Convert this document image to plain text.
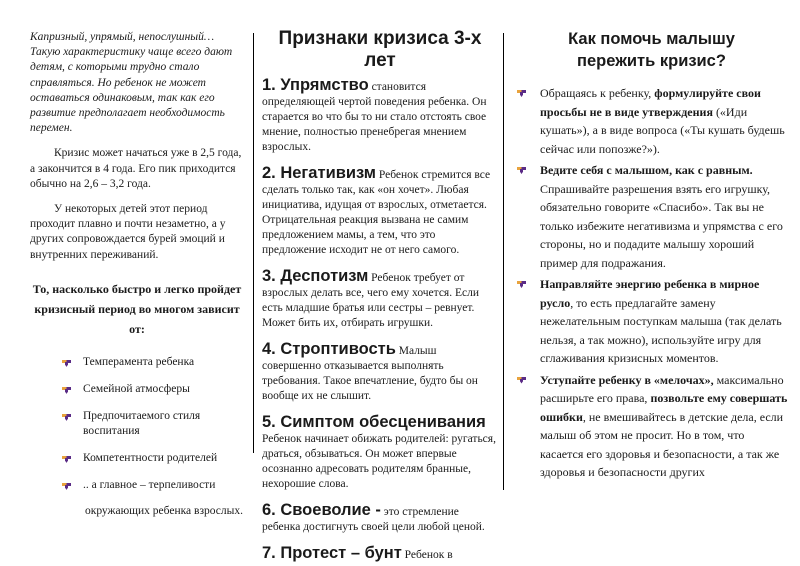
Капризный, упрямый, непослушный… Такую характеристику чаще всего дают детям, с которыми трудно стало справляться. Но ребенок не может оставаться одинаковым, так как его развитие предполагает необходимость перемен.

Кризис может начаться уже в 2,5 года, а закончится в 4 года. Его пик приходится обычно на 2,6 – 3,2 года.

У некоторых детей этот период проходит плавно и почти незаметно, а у других сопровождается бурей эмоций и внутренних переживаний.

То, насколько быстро и легко пройдет кризисный период во многом зависит от:

Темперамента ребенка
Семейной атмосферы
Предпочитаемого стиля воспитания
Компетентности родителей
.. а главное – терпеливости

окружающих ребенка взрослых.

Признаки кризиса 3-х лет

1. Упрямство становится определяющей чертой поведения ребенка. Он старается во что бы то ни стало отстоять свое мнение, полностью пренебрегая мнением взрослых.

2. Негативизм Ребенок стремится все сделать только так, как «он хочет». Любая инициатива, идущая от взрослых, отметается. Отрицательная реакция вызвана не самим предложением мамы, а тем, что это предложение исходит не от него самого.

3. Деспотизм Ребенок требует от взрослых делать все, чего ему хочется. Если есть младшие братья или сестры – ревнует. Может бить их, отбирать игрушки.

4. Строптивость Малыш совершенно отказывается выполнять требования. Такое впечатление, будто бы он вообще их не слышит.

5. Симптом обесценивания Ребенок начинает обижать родителей: ругаться, драться, обзываться. Он может впервые осознанно адресовать родителям бранные, нехорошие слова.

6. Своеволие - это стремление ребенка достигнуть своей цели любой ценой.

7. Протест – бунт Ребенок в

Как помочь малышу
пережить кризис?
Обращаясь к ребенку, формулируйте свои просьбы не в виде утверждения («Иди кушать»), а в виде вопроса («Ты кушать будешь сейчас или попозже?»).
Ведите себя с малышом, как с равным. Спрашивайте разрешения взять его игрушку, обязательно говорите «Спасибо». Так вы не только избежите негативизма и упрямства с его стороны, но и подадите малышу хороший пример для подражания.
Направляйте энергию ребенка в мирное русло, то есть предлагайте замену нежелательным поступкам малыша (так делать нельзя, а так можно), используйте игру для сглаживания кризисных моментов.
Уступайте ребенку в «мелочах», максимально расширьте его права, позвольте ему совершать ошибки, не вмешивайтесь в детские дела, если малыш об этом не просит. Но в том, что касается его здоровья и безопасности, а так же здоровья и безопасности других
